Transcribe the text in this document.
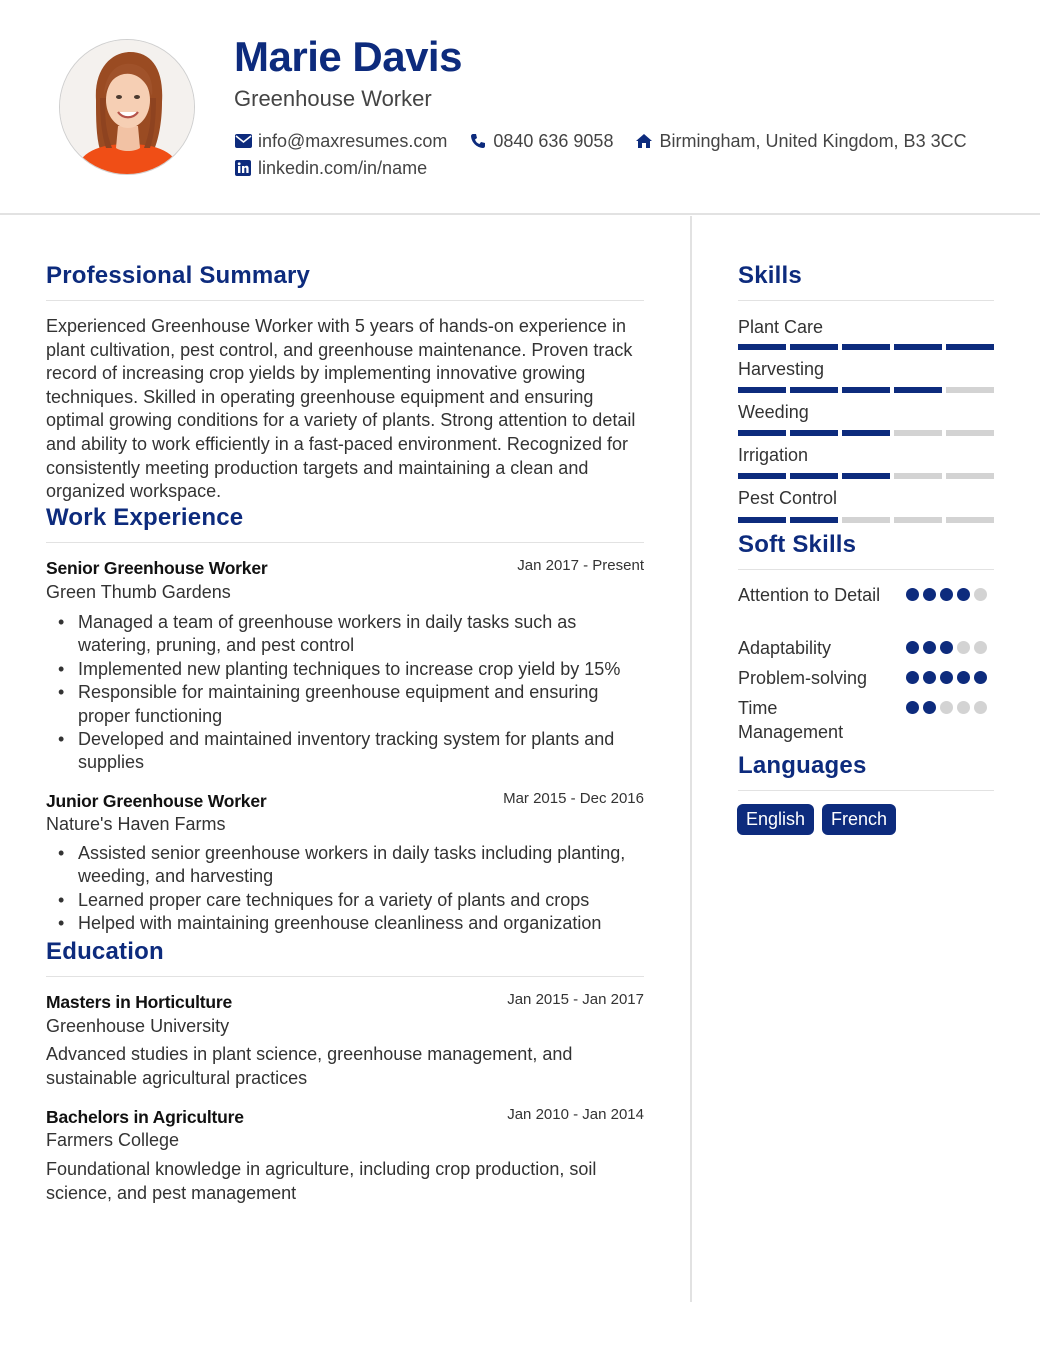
Marie Davis
Greenhouse Worker
info@maxresumes.com	0840 636 9058	Birmingham, United Kingdom, B3 3CC
linkedin.com/in/name
Professional Summary
Experienced Greenhouse Worker with 5 years of hands-on experience in plant cultivation, pest control, and greenhouse maintenance. Proven track record of increasing crop yields by implementing innovative growing techniques. Skilled in operating greenhouse equipment and ensuring optimal growing conditions for a variety of plants. Strong attention to detail and ability to work efficiently in a fast-paced environment. Recognized for consistently meeting production targets and maintaining a clean and organized workspace.
Work Experience
Senior Greenhouse Worker	Jan 2017 - Present
Green Thumb Gardens
• Managed a team of greenhouse workers in daily tasks such as watering, pruning, and pest control
• Implemented new planting techniques to increase crop yield by 15%
• Responsible for maintaining greenhouse equipment and ensuring proper functioning
• Developed and maintained inventory tracking system for plants and supplies
Junior Greenhouse Worker	Mar 2015 - Dec 2016
Nature's Haven Farms
• Assisted senior greenhouse workers in daily tasks including planting, weeding, and harvesting
• Learned proper care techniques for a variety of plants and crops
• Helped with maintaining greenhouse cleanliness and organization
Education
Masters in Horticulture	Jan 2015 - Jan 2017
Greenhouse University
Advanced studies in plant science, greenhouse management, and sustainable agricultural practices
Bachelors in Agriculture	Jan 2010 - Jan 2014
Farmers College
Foundational knowledge in agriculture, including crop production, soil science, and pest management
Skills
Plant Care
Harvesting
Weeding
Irrigation
Pest Control
Soft Skills
Attention to Detail
Adaptability
Problem-solving
Time Management
Languages
English	French
